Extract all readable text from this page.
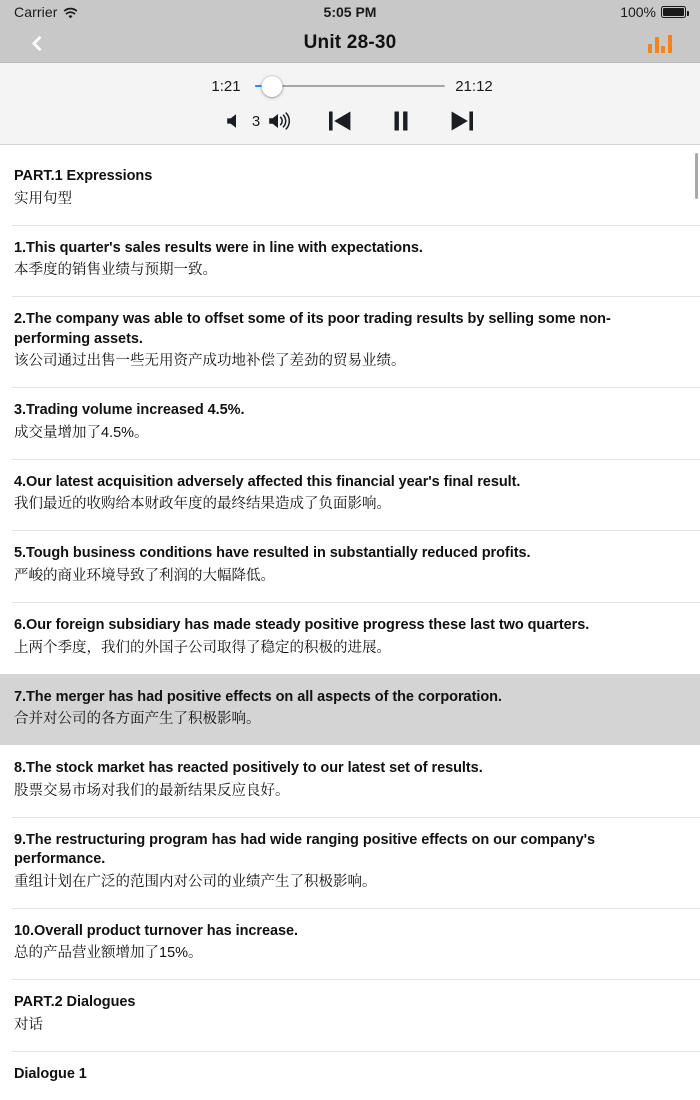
Carrier	5:05 PM	100%
Unit 28-30
1:21	21:12
3
PART.1 Expressions
实用句型
1.This quarter's sales results were in line with expectations.
本季度的销售业绩与预期一致。
2.The company was able to offset some of its poor trading results by selling some non-performing assets.
该公司通过出售一些无用资产成功地补偿了差劲的贸易业绩。
3.Trading volume increased 4.5%.
成交量增加了4.5%。
4.Our latest acquisition adversely affected this financial year's final result.
我们最近的收购给本财政年度的最终结果造成了负面影响。
5.Tough business conditions have resulted in substantially reduced profits.
严峻的商业环境导致了利润的大幅降低。
6.Our foreign subsidiary has made steady positive progress these last two quarters.
上两个季度，我们的外国子公司取得了稳定的积极的进展。
7.The merger has had positive effects on all aspects of the corporation.
合并对公司的各方面产生了积极影响。
8.The stock market has reacted positively to our latest set of results.
股票交易市场对我们的最新结果反应良好。
9.The restructuring program has had wide ranging positive effects on our company's performance.
重组计划在广泛的范围内对公司的业绩产生了积极影响。
10.Overall product turnover has increase.
总的产品营业额增加了15%。
PART.2 Dialogues
对话
Dialogue 1
